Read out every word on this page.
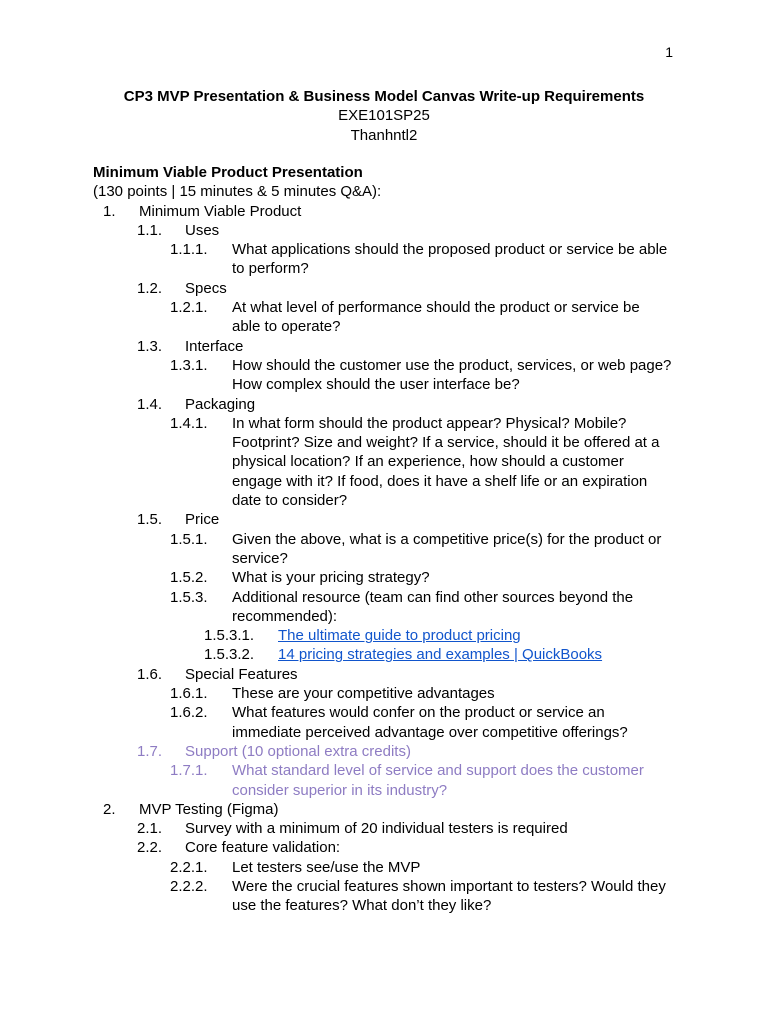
1
CP3 MVP Presentation & Business Model Canvas Write-up Requirements
EXE101SP25
Thanhntl2
Minimum Viable Product Presentation
(130 points | 15 minutes & 5 minutes Q&A):
1.	Minimum Viable Product
1.1.	Uses
1.1.1.	What applications should the proposed product or service be able to perform?
1.2.	Specs
1.2.1.	At what level of performance should the product or service be able to operate?
1.3.	Interface
1.3.1.	How should the customer use the product, services, or web page? How complex should the user interface be?
1.4.	Packaging
1.4.1.	In what form should the product appear? Physical? Mobile? Footprint? Size and weight? If a service, should it be offered at a physical location? If an experience, how should a customer engage with it? If food, does it have a shelf life or an expiration date to consider?
1.5.	Price
1.5.1.	Given the above, what is a competitive price(s) for the product or service?
1.5.2.	What is your pricing strategy?
1.5.3.	Additional resource (team can find other sources beyond the recommended):
1.5.3.1.	The ultimate guide to product pricing
1.5.3.2.	14 pricing strategies and examples | QuickBooks
1.6.	Special Features
1.6.1.	These are your competitive advantages
1.6.2.	What features would confer on the product or service an immediate perceived advantage over competitive offerings?
1.7.	Support (10 optional extra credits)
1.7.1.	What standard level of service and support does the customer consider superior in its industry?
2.	MVP Testing (Figma)
2.1.	Survey with a minimum of 20 individual testers is required
2.2.	Core feature validation:
2.2.1.	Let testers see/use the MVP
2.2.2.	Were the crucial features shown important to testers? Would they use the features? What don’t they like?
